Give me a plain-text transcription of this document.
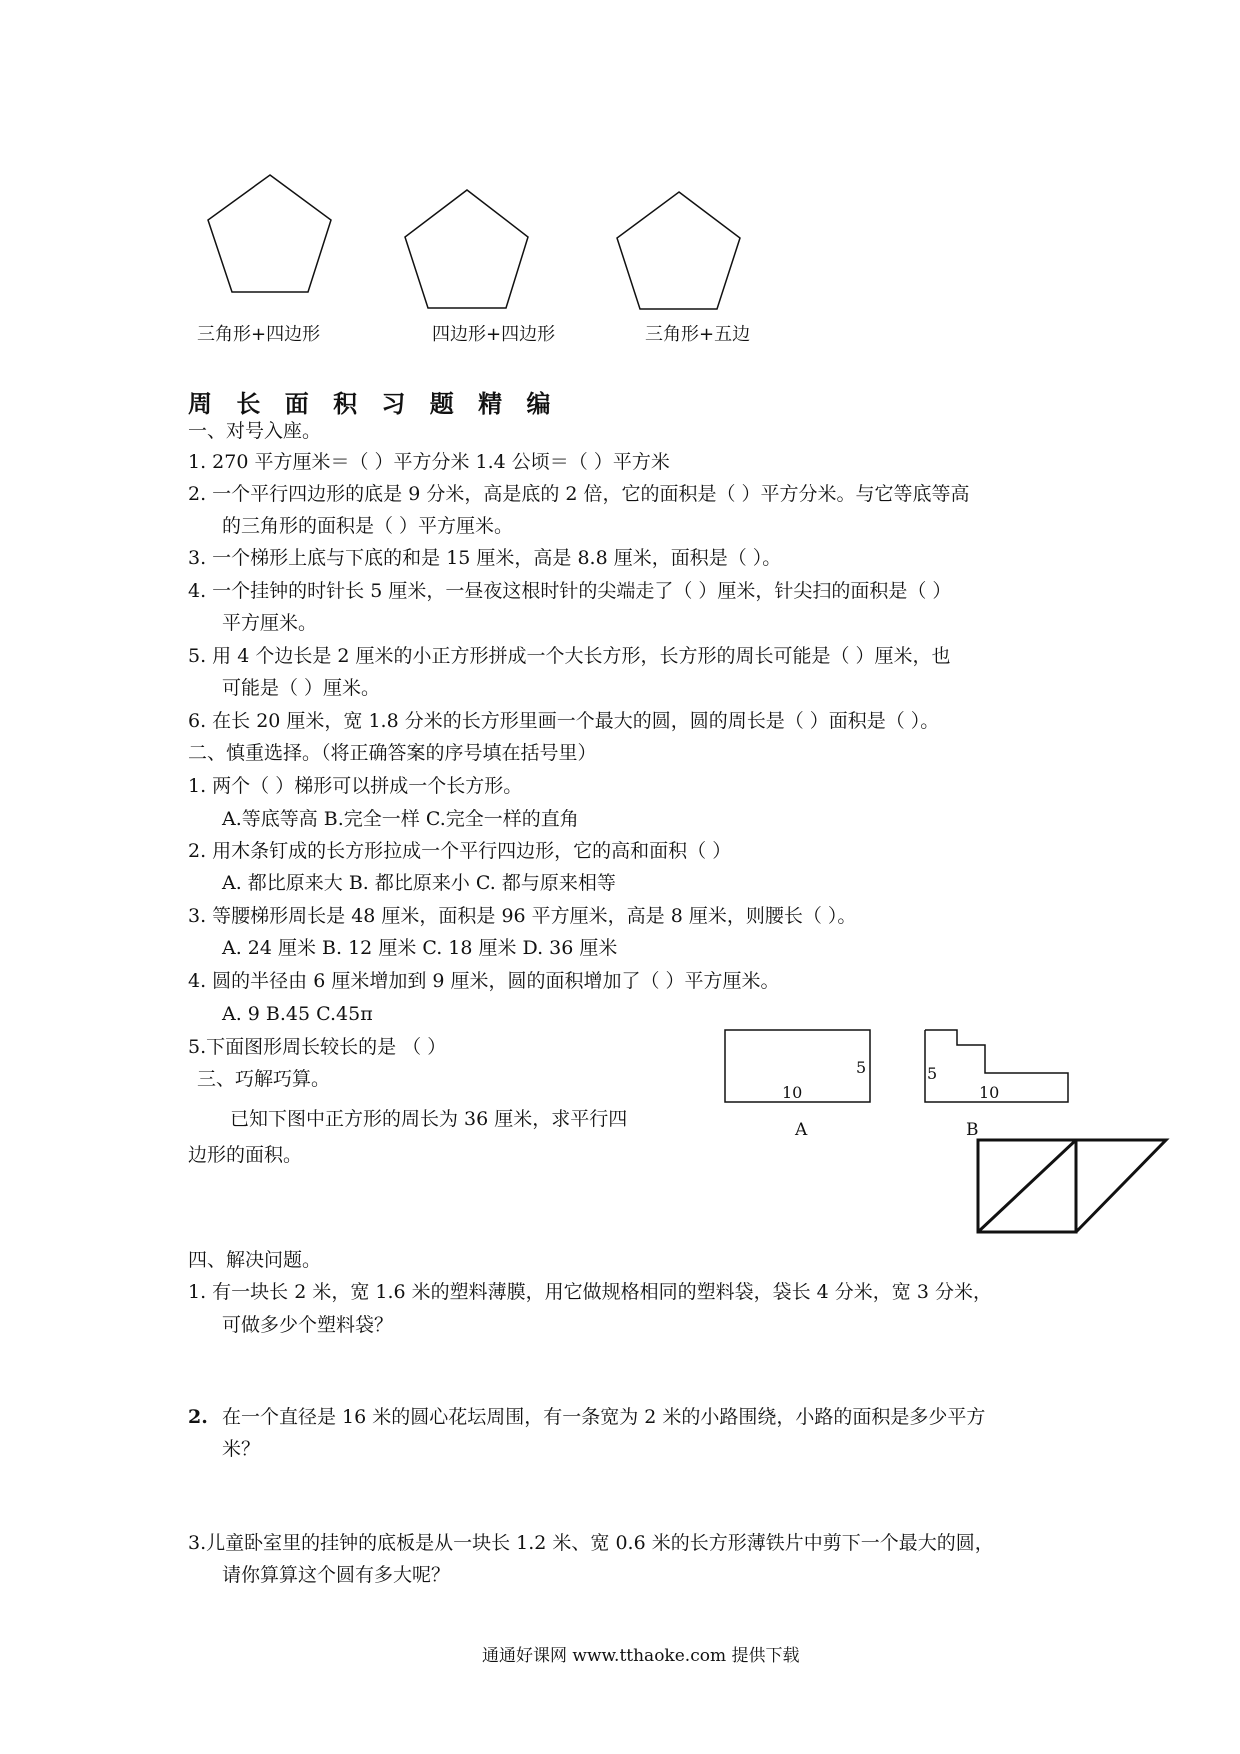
三角形+四边形	四边形+四边形	三角形+五边
周 长 面 积 习 题 精 编
一、对号入座。
1. 270 平方厘米＝（ ）平方分米 1.4 公顷＝（ ）平方米
2. 一个平行四边形的底是 9 分米，高是底的 2 倍，它的面积是（ ）平方分米。与它等底等高
的三角形的面积是（ ）平方厘米。
3. 一个梯形上底与下底的和是 15 厘米，高是 8.8 厘米，面积是（ ）。
4. 一个挂钟的时针长 5 厘米，一昼夜这根时针的尖端走了（ ）厘米，针尖扫的面积是（ ）
平方厘米。
5. 用 4 个边长是 2 厘米的小正方形拼成一个大长方形，长方形的周长可能是（ ）厘米，也
可能是（ ）厘米。
6. 在长 20 厘米，宽 1.8 分米的长方形里画一个最大的圆，圆的周长是（ ）面积是（ ）。
二、慎重选择。（将正确答案的序号填在括号里）
1. 两个（ ）梯形可以拼成一个长方形。
A.等底等高 B.完全一样 C.完全一样的直角
2. 用木条钉成的长方形拉成一个平行四边形，它的高和面积（ ）
A. 都比原来大 B. 都比原来小 C. 都与原来相等
3. 等腰梯形周长是 48 厘米，面积是 96 平方厘米，高是 8 厘米，则腰长（ ）。
A. 24 厘米 B. 12 厘米 C. 18 厘米 D. 36 厘米
4. 圆的半径由 6 厘米增加到 9 厘米，圆的面积增加了（ ）平方厘米。
A. 9 B.45 C.45π
5.下面图形周长较长的是 （ ）
5
10
A
5
10
B
三、巧解巧算。
已知下图中正方形的周长为 36 厘米，求平行四
边形的面积。
四、解决问题。
1. 有一块长 2 米，宽 1.6 米的塑料薄膜，用它做规格相同的塑料袋，袋长 4 分米，宽 3 分米，
可做多少个塑料袋？
2. 在一个直径是 16 米的圆心花坛周围，有一条宽为 2 米的小路围绕，小路的面积是多少平方
米？
3.儿童卧室里的挂钟的底板是从一块长 1.2 米、宽 0.6 米的长方形薄铁片中剪下一个最大的圆，
请你算算这个圆有多大呢？
通通好课网 www.tthaoke.com 提供下载
